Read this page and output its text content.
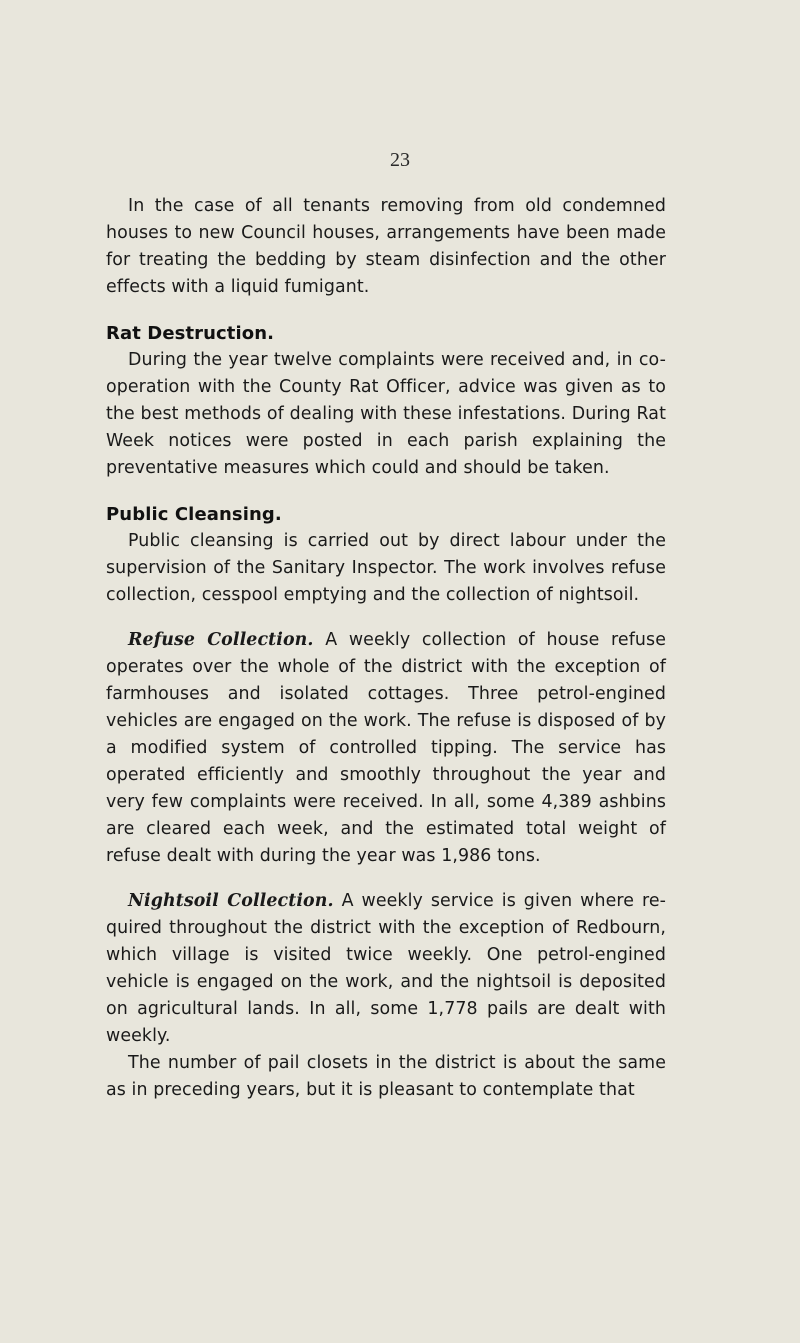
23

In the case of all tenants removing from old condemned houses to new Council houses, arrangements have been made for treating the bedding by steam disinfection and the other effects with a liquid fumigant.

Rat Destruction.

During the year twelve complaints were received and, in co-operation with the County Rat Officer, advice was given as to the best methods of dealing with these infestations. During Rat Week notices were posted in each parish explaining the preventative measures which could and should be taken.

Public Cleansing.

Public cleansing is carried out by direct labour under the supervision of the Sanitary Inspector. The work involves refuse collection, cesspool emptying and the collection of nightsoil.

Refuse Collection. A weekly collection of house refuse operates over the whole of the district with the exception of farmhouses and isolated cottages. Three petrol-engined vehicles are engaged on the work. The refuse is disposed of by a modified system of controlled tipping. The service has operated efficiently and smoothly throughout the year and very few complaints were received. In all, some 4,389 ashbins are cleared each week, and the estimated total weight of refuse dealt with during the year was 1,986 tons.

Nightsoil Collection. A weekly service is given where re- quired throughout the district with the exception of Redbourn, which village is visited twice weekly. One petrol-engined vehicle is engaged on the work, and the nightsoil is deposited on agricultural lands. In all, some 1,778 pails are dealt with weekly.

The number of pail closets in the district is about the same as in preceding years, but it is pleasant to contemplate that
